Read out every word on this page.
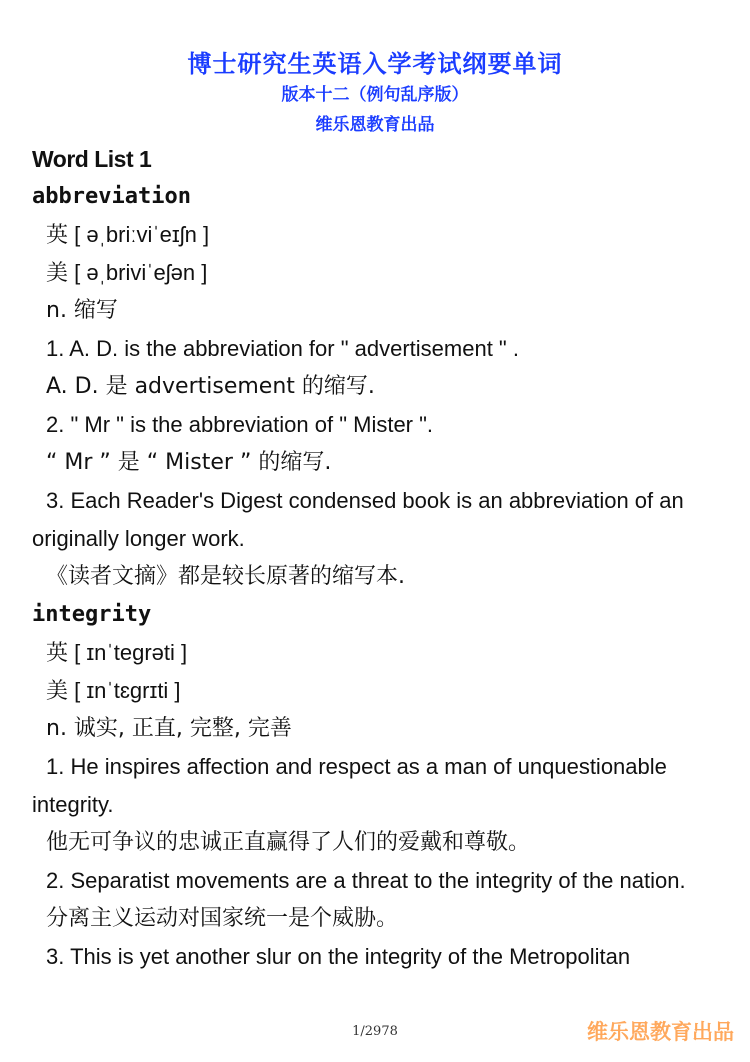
博士研究生英语入学考试纲要单词
版本十二（例句乱序版）
维乐恩教育出品
Word List 1
abbreviation
英 [ əˌbriːviˈeɪʃn ]
美 [ əˌbriviˈeʃən ]
n. 缩写
1. A. D. is the abbreviation for " advertisement " .
A. D. 是 advertisement 的缩写.
2. " Mr " is the abbreviation of " Mister ".
“ Mr ” 是 “ Mister ” 的缩写.
3. Each Reader's Digest condensed book is an abbreviation of an originally longer work.
《读者文摘》都是较长原著的缩写本.
integrity
英 [ ɪnˈtegrəti ]
美 [ ɪnˈtɛɡrɪti ]
n. 诚实, 正直, 完整, 完善
1. He inspires affection and respect as a man of unquestionable integrity.
他无可争议的忠诚正直赢得了人们的爱戴和尊敬。
2. Separatist movements are a threat to the integrity of the nation.
分离主义运动对国家统一是个威胁。
3. This is yet another slur on the integrity of the Metropolitan
1/2978	维乐恩教育出品
